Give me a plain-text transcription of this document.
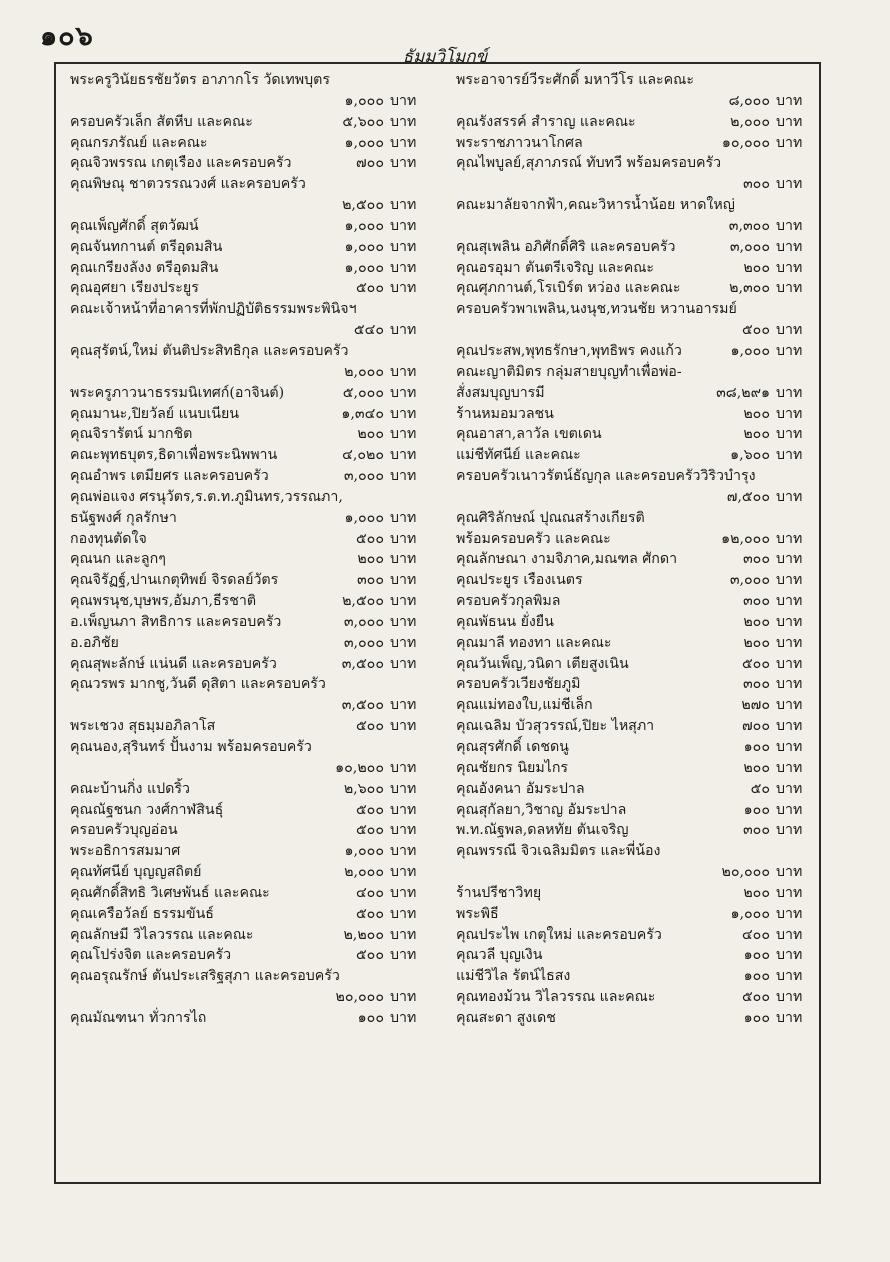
๑๐๖
ธัมมวิโมกข์
พระครูวินัยธรชัยวัตร อาภากโร วัดเทพบุตร
๑,๐๐๐ บาท
ครอบครัวเล็ก สัตหีบ และคณะ	๕,๖๐๐ บาท
คุณกรภรัณย์ และคณะ	๑,๐๐๐ บาท
คุณจิวพรรณ เกตุเรือง และครอบครัว	๗๐๐ บาท
คุณพิษณุ ชาตวรรณวงศ์ และครอบครัว
๒,๕๐๐ บาท
คุณเพ็ญศักดิ์ สุตวัฒน์	๑,๐๐๐ บาท
คุณจันทกานต์ ตรีอุดมสิน	๑,๐๐๐ บาท
คุณเกรียงลังง ตรีอุดมสิน	๑,๐๐๐ บาท
คุณอุศยา เรียงประยูร	๕๐๐ บาท
คณะเจ้าหน้าที่อาคารที่พักปฏิบัติธรรมพระพินิจฯ
๕๔๐ บาท
คุณสุรัตน์,ใหม่ ตันติประสิทธิกุล และครอบครัว
๒,๐๐๐ บาท
พระครูภาวนาธรรมนิเทศก์(อาจินต์)	๕,๐๐๐ บาท
คุณมานะ,ปิยวัลย์ แนบเนียน	๑,๓๔๐ บาท
คุณจิรารัตน์ มากชิต	๒๐๐ บาท
คณะพุทธบุตร,ธิดาเพื่อพระนิพพาน	๔,๐๒๐ บาท
คุณอำพร เตมียศร และครอบครัว	๓,๐๐๐ บาท
คุณพ่อแจง ศรนุวัตร,ร.ต.ท.ภูมินทร,วรรณภา,
ธนัฐพงศ์ กุลรักษา	๑,๐๐๐ บาท
กองทุนตัดใจ	๕๐๐ บาท
คุณนก และลูกๆ	๒๐๐ บาท
คุณจิรัฏฐ์,ปานเกตุทิพย์ จิรดลย์วัตร	๓๐๐ บาท
คุณพรนุช,บุษพร,อัมภา,ธีรชาติ	๒,๕๐๐ บาท
อ.เพ็ญนภา สิทธิการ และครอบครัว	๓,๐๐๐ บาท
อ.อภิชัย	๓,๐๐๐ บาท
คุณสุพะลักษ์ แน่นดี และครอบครัว	๓,๕๐๐ บาท
คุณวรพร มากชู,วันดี ดุสิตา และครอบครัว
๓,๕๐๐ บาท
พระเชวง สุธมฺมอภิลาโส	๕๐๐ บาท
คุณนอง,สุรินทร์ ปั้นงาม พร้อมครอบครัว
๑๐,๒๐๐ บาท
คณะบ้านกิ่ง แปดริ้ว	๒,๖๐๐ บาท
คุณณัฐชนก วงศ์กาฬสินธุ์	๕๐๐ บาท
ครอบครัวบุญอ่อน	๕๐๐ บาท
พระอธิการสมมาศ	๑,๐๐๐ บาท
คุณทัศนีย์ บุญญสถิตย์	๒,๐๐๐ บาท
คุณศักดิ์สิทธิ วิเศษพันธ์ และคณะ	๔๐๐ บาท
คุณเครือวัลย์ ธรรมขันธ์	๕๐๐ บาท
คุณลักษมี วิไลวรรณ และคณะ	๒,๒๐๐ บาท
คุณโปร่งจิต และครอบครัว	๕๐๐ บาท
คุณอรุณรักษ์ ตันประเสริฐสุภา และครอบครัว
๒๐,๐๐๐ บาท
คุณมัณฑนา ทั่วการไถ	๑๐๐ บาท
พระอาจารย์วีระศักดิ์ มหาวีโร และคณะ
๘,๐๐๐ บาท
คุณรังสรรค์ สำราญ และคณะ	๒,๐๐๐ บาท
พระราชภาวนาโกศล	๑๐,๐๐๐ บาท
คุณไพบูลย์,สุภาภรณ์ ทับทวี พร้อมครอบครัว
๓๐๐ บาท
คณะมาลัยจากฟ้า,คณะวิหารน้ำน้อย หาดใหญ่
๓,๓๐๐ บาท
คุณสุเพลิน อภิศักดิ์ศิริ และครอบครัว	๓,๐๐๐ บาท
คุณอรอุมา ตันตรีเจริญ และคณะ	๒๐๐ บาท
คุณศุภกานต์,โรเบิร์ต หว่อง และคณะ	๒,๓๐๐ บาท
ครอบครัวพาเพลิน,นงนุช,ทวนชัย หวานอารมย์
๕๐๐ บาท
คุณประสพ,พุทธรักษา,พุทธิพร คงแก้ว	๑,๐๐๐ บาท
คณะญาติมิตร กลุ่มสายบุญทำเพื่อพ่อ-
สั่งสมบุญบารมี	๓๘,๒๙๑ บาท
ร้านหมอมวลชน	๒๐๐ บาท
คุณอาสา,ลาวัล เขตเดน	๒๐๐ บาท
แม่ชีทัศนีย์ และคณะ	๑,๖๐๐ บาท
ครอบครัวเนาวรัตน์ธัญกุล และครอบครัววิริวบำรุง
๗,๕๐๐ บาท
คุณศิริลักษณ์ ปุณณสร้างเกียรติ
พร้อมครอบครัว และคณะ	๑๒,๐๐๐ บาท
คุณลักษณา งามจิภาค,มณฑล ศักดา	๓๐๐ บาท
คุณประยูร เรืองเนตร	๓,๐๐๐ บาท
ครอบครัวกุลพิมล	๓๐๐ บาท
คุณพัธนน ยั่งยืน	๒๐๐ บาท
คุณมาลี ทองทา และคณะ	๒๐๐ บาท
คุณวันเพ็ญ,วนิดา เตียสูงเนิน	๕๐๐ บาท
ครอบครัวเวียงชัยภูมิ	๓๐๐ บาท
คุณแม่ทองใบ,แม่ชีเล็ก	๒๗๐ บาท
คุณเฉลิม บัวสุวรรณ์,ปิยะ ไหสุภา	๗๐๐ บาท
คุณสุรศักดิ์ เดชดนู	๑๐๐ บาท
คุณชัยกร นิยมไกร	๒๐๐ บาท
คุณอังคนา อัมระปาล	๕๐ บาท
คุณสุกัลยา,วิชาญ อัมระปาล	๑๐๐ บาท
พ.ท.ณัฐพล,ดลหทัย ตันเจริญ	๓๐๐ บาท
คุณพรรณี จิวเฉลิมมิตร และพี่น้อง
๒๐,๐๐๐ บาท
ร้านปรีชาวิทยุ	๒๐๐ บาท
พระพิธี	๑,๐๐๐ บาท
คุณประไพ เกตุใหม่ และครอบครัว	๔๐๐ บาท
คุณวลี บุญเงิน	๑๐๐ บาท
แม่ชีวิไล รัตน์ไธสง	๑๐๐ บาท
คุณทองม้วน วิไลวรรณ และคณะ	๕๐๐ บาท
คุณสะดา สูงเดช	๑๐๐ บาท
